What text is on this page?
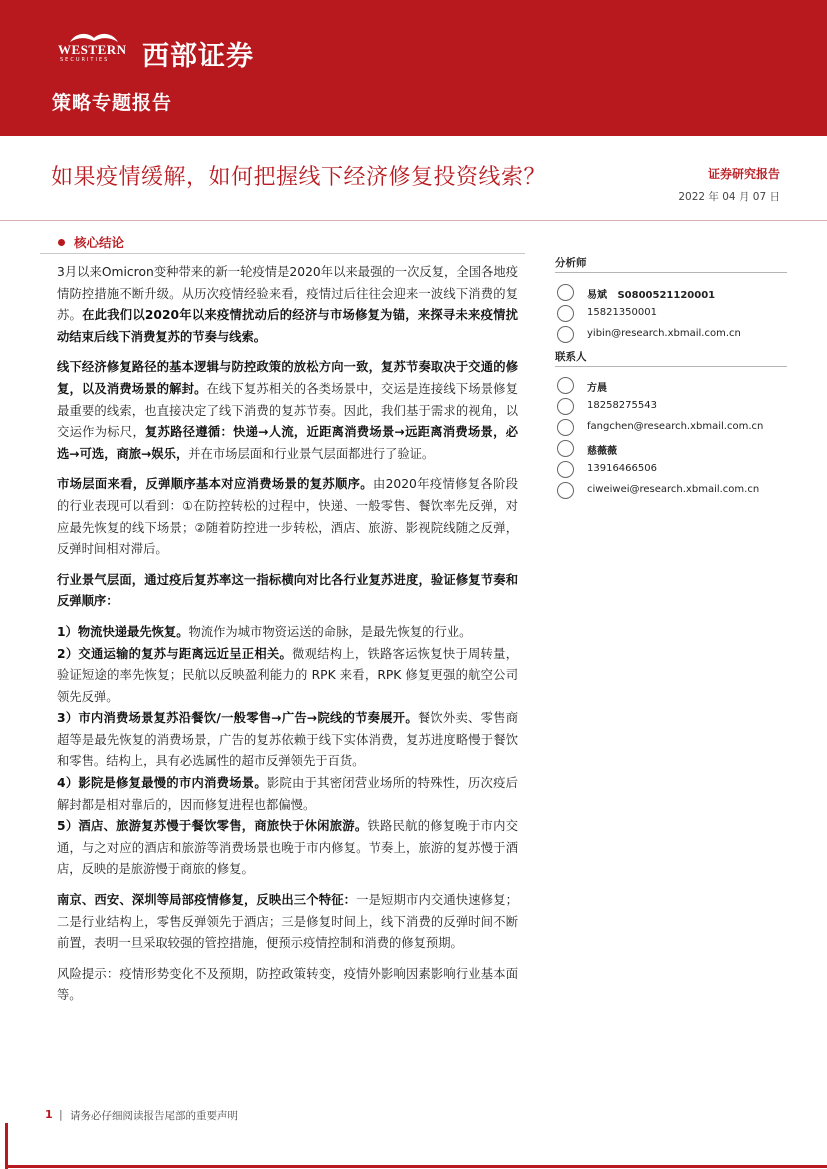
WESTERN
SECURITIES 西部证券
策略专题报告
如果疫情缓解，如何把握线下经济修复投资线索？	证券研究报告
2022 年 04 月 07 日
核心结论

3月以来Omicron变种带来的新一轮疫情是2020年以来最强的一次反复，全国各地疫情防控措施不断升级。从历次疫情经验来看，疫情过后往往会迎来一波线下消费的复苏。在此我们以2020年以来疫情扰动后的经济与市场修复为锚，来探寻未来疫情扰动结束后线下消费复苏的节奏与线索。

线下经济修复路径的基本逻辑与防控政策的放松方向一致，复苏节奏取决于交通的修复，以及消费场景的解封。在线下复苏相关的各类场景中，交运是连接线下场景修复最重要的线索，也直接决定了线下消费的复苏节奏。因此，我们基于需求的视角，以交运作为标尺，复苏路径遵循：快递→人流，近距离消费场景→远距离消费场景，必选→可选，商旅→娱乐，并在市场层面和行业景气层面都进行了验证。

市场层面来看，反弹顺序基本对应消费场景的复苏顺序。由2020年疫情修复各阶段的行业表现可以看到：①在防控转松的过程中，快递、一般零售、餐饮率先反弹，对应最先恢复的线下场景；②随着防控进一步转松，酒店、旅游、影视院线随之反弹，反弹时间相对滞后。

行业景气层面，通过疫后复苏率这一指标横向对比各行业复苏进度，验证修复节奏和反弹顺序：

1）物流快递最先恢复。物流作为城市物资运送的命脉，是最先恢复的行业。

2）交通运输的复苏与距离远近呈正相关。微观结构上，铁路客运恢复快于周转量，验证短途的率先恢复；民航以反映盈利能力的 RPK 来看，RPK 修复更强的航空公司领先反弹。

3）市内消费场景复苏沿餐饮/一般零售→广告→院线的节奏展开。餐饮外卖、零售商超等是最先恢复的消费场景，广告的复苏依赖于线下实体消费，复苏进度略慢于餐饮和零售。结构上，具有必选属性的超市反弹领先于百货。

4）影院是修复最慢的市内消费场景。影院由于其密闭营业场所的特殊性，历次疫后解封都是相对靠后的，因而修复进程也都偏慢。

5）酒店、旅游复苏慢于餐饮零售，商旅快于休闲旅游。铁路民航的修复晚于市内交通，与之对应的酒店和旅游等消费场景也晚于市内修复。节奏上，旅游的复苏慢于酒店，反映的是旅游慢于商旅的修复。

南京、西安、深圳等局部疫情修复，反映出三个特征：一是短期市内交通快速修复；二是行业结构上，零售反弹领先于酒店；三是修复时间上，线下消费的反弹时间不断前置，表明一旦采取较强的管控措施，便预示疫情控制和消费的修复预期。

风险提示：疫情形势变化不及预期，防控政策转变，疫情外影响因素影响行业基本面等。

分析师
易斌 S0800521120001
15821350001
yibin@research.xbmail.com.cn
联系人
方晨
18258275543
fangchen@research.xbmail.com.cn
慈薇薇
13916466506
ciweiwei@research.xbmail.com.cn
1 | 请务必仔细阅读报告尾部的重要声明
